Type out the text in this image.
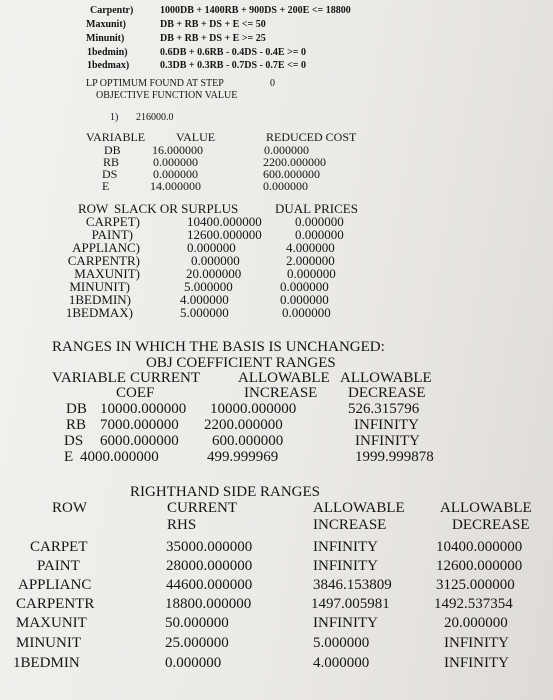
Carpentr)	1000DB + 1400RB + 900DS + 200E <= 18800
Maxunit)	DB + RB + DS + E <= 50
Minunit)	DB + RB + DS + E >= 25
1bedmin)	0.6DB + 0.6RB - 0.4DS - 0.4E >= 0
1bedmax)	0.3DB + 0.3RB - 0.7DS - 0.7E <= 0
LP OPTIMUM FOUND AT STEP	0
OBJECTIVE FUNCTION VALUE
1) 216000.0
VARIABLE	VALUE	REDUCED COST
DB	16.000000	0.000000
RB	0.000000	2200.000000
DS	0.000000	600.000000
E	14.000000	0.000000
ROW SLACK OR SURPLUS	DUAL PRICES
CARPET)	10400.000000	0.000000
PAINT)	12600.000000	0.000000
APPLIANC)	0.000000	4.000000
CARPENTR)	0.000000	2.000000
MAXUNIT)	20.000000	0.000000
MINUNIT)	5.000000	0.000000
1BEDMIN)	4.000000	0.000000
1BEDMAX)	5.000000	0.000000
RANGES IN WHICH THE BASIS IS UNCHANGED:
OBJ COEFFICIENT RANGES
VARIABLE CURRENT	ALLOWABLE ALLOWABLE
COEF	INCREASE DECREASE
DB 10000.000000 10000.000000	526.315796
RB 7000.000000 2200.000000	INFINITY
DS 6000.000000 600.000000	INFINITY
E 4000.000000	499.999969	1999.999878
RIGHTHAND SIDE RANGES
ROW	CURRENT	ALLOWABLE ALLOWABLE
RHS	INCREASE	DECREASE
CARPET	35000.000000	INFINITY	10400.000000
PAINT	28000.000000	INFINITY	12600.000000
APPLIANC	44600.000000	3846.153809	3125.000000
CARPENTR	18800.000000	1497.005981	1492.537354
MAXUNIT	50.000000	INFINITY	20.000000
MINUNIT	25.000000	5.000000	INFINITY
1BEDMIN	0.000000	4.000000	INFINITY
